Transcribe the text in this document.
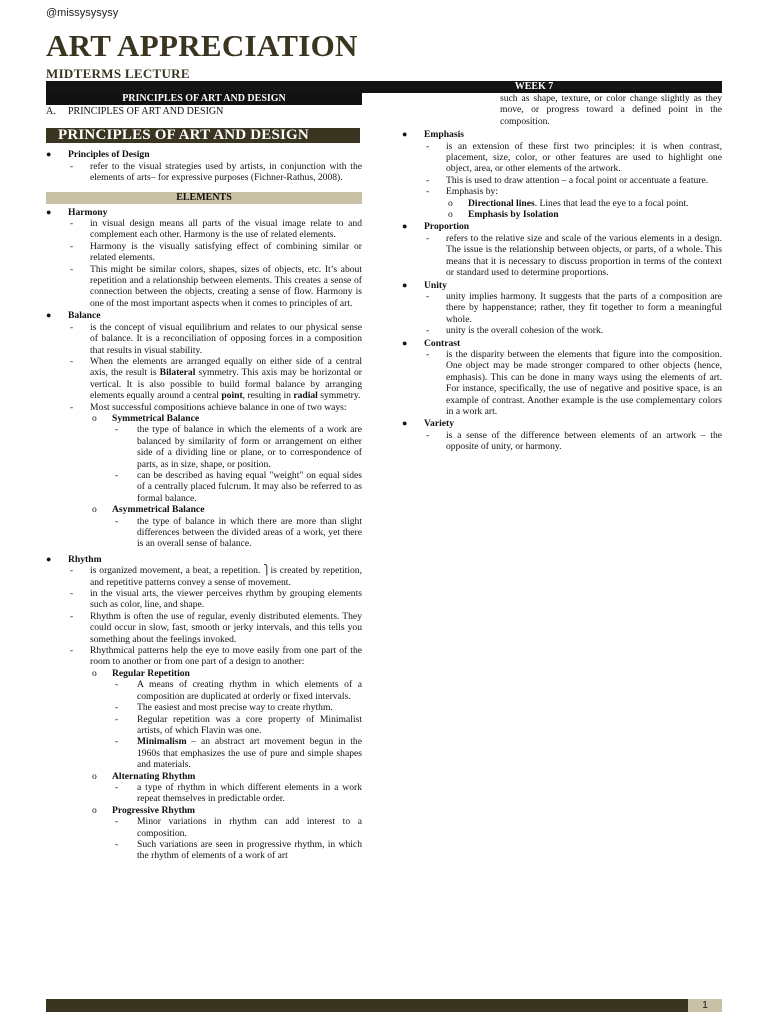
@missysysysy
ART APPRECIATION
MIDTERMS LECTURE
WEEK 7
PRINCIPLES OF ART AND DESIGN
A. PRINCIPLES OF ART AND DESIGN
PRINCIPLES OF ART AND DESIGN
● Principles of Design
- refer to the visual strategies used by artists, in conjunction with the elements of arts– for expressive purposes (Fichner-Rathus, 2008).
ELEMENTS
● Harmony
- in visual design means all parts of the visual image relate to and complement each other. Harmony is the use of related elements.
- Harmony is the visually satisfying effect of combining similar or related elements.
- This might be similar colors, shapes, sizes of objects, etc. It’s about repetition and a relationship between elements. This creates a sense of connection between the objects, creating a sense of flow. Harmony is one of the most important aspects when it comes to principles of art.
● Balance
- is the concept of visual equilibrium and relates to our physical sense of balance. It is a reconciliation of opposing forces in a composition that results in visual stability.
- When the elements are arranged equally on either side of a central axis, the result is Bilateral symmetry. This axis may be horizontal or vertical. It is also possible to build formal balance by arranging elements equally around a central point, resulting in radial symmetry.
- Most successful compositions achieve balance in one of two ways:
o Symmetrical Balance
- the type of balance in which the elements of a work are balanced by similarity of form or arrangement on either side of a dividing line or plane, or to correspondence of parts, as in size, shape, or position.
- can be described as having equal "weight" on equal sides of a centrally placed fulcrum. It may also be referred to as formal balance.
o Asymmetrical Balance
- the type of balance in which there are more than slight differences between the divided areas of a work, yet there is an overall sense of balance.
● Rhythm
- is organized movement, a beat, a repetition. ⎫is created by repetition, and repetitive patterns convey a sense of movement.
- in the visual arts, the viewer perceives rhythm by grouping elements such as color, line, and shape.
- Rhythm is often the use of regular, evenly distributed elements. They could occur in slow, fast, smooth or jerky intervals, and this tells you something about the feelings invoked.
- Rhythmical patterns help the eye to move easily from one part of the room to another or from one part of a design to another:
o Regular Repetition
- A means of creating rhythm in which elements of a composition are duplicated at orderly or fixed intervals.
- The easiest and most precise way to create rhythm.
- Regular repetition was a core property of Minimalist artists, of which Flavin was one.
- Minimalism – an abstract art movement begun in the 1960s that emphasizes the use of pure and simple shapes and materials.
o Alternating Rhythm
- a type of rhythm in which different elements in a work repeat themselves in predictable order.
o Progressive Rhythm
- Minor variations in rhythm can add interest to a composition.
- Such variations are seen in progressive rhythm, in which the rhythm of elements of a work of art
such as shape, texture, or color change slightly as they move, or progress toward a defined point in the composition.
● Emphasis
- is an extension of these first two principles: it is when contrast, placement, size, color, or other features are used to highlight one object, area, or other elements of the artwork.
- This is used to draw attention – a focal point or accentuate a feature.
- Emphasis by:
o Directional lines. Lines that lead the eye to a focal point.
o Emphasis by Isolation
● Proportion
- refers to the relative size and scale of the various elements in a design. The issue is the relationship between objects, or parts, of a whole. This means that it is necessary to discuss proportion in terms of the context or standard used to determine proportions.
● Unity
- unity implies harmony. It suggests that the parts of a composition are there by happenstance; rather, they fit together to form a meaningful whole.
- unity is the overall cohesion of the work.
● Contrast
- is the disparity between the elements that figure into the composition. One object may be made stronger compared to other objects (hence, emphasis). This can be done in many ways using the elements of art. For instance, specifically, the use of negative and positive space, is an example of contrast. Another example is the use complementary colors in a work art.
● Variety
- is a sense of the difference between elements of an artwork – the opposite of unity, or harmony.
1
